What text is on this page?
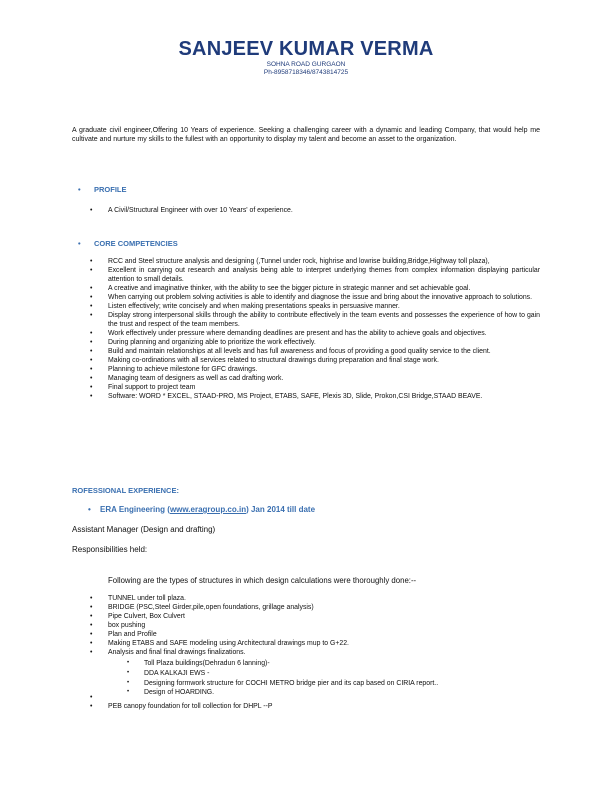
SANJEEV KUMAR VERMA
SOHNA ROAD GURGAON
Ph-8958718346/8743814725
A graduate civil engineer,Offering 10 Years of experience. Seeking a challenging career with a dynamic and leading Company, that would help me cultivate and nurture my skills to the fullest with an opportunity to display my talent and become an asset to the organization.
• PROFILE
• A Civil/Structural Engineer with over 10 Years' of experience.
• CORE COMPETENCIES
• RCC and Steel structure analysis and designing (,Tunnel under rock, highrise and lowrise building,Bridge,Highway toll plaza),
• Excellent in carrying out research and analysis being able to interpret underlying themes from complex information displaying particular attention to small details.
• A creative and imaginative thinker, with the ability to see the bigger picture in strategic manner and set achievable goal.
• When carrying out problem solving activities is able to identify and diagnose the issue and bring about the innovative approach to solutions.
• Listen effectively; write concisely and when making presentations speaks in persuasive manner.
• Display strong interpersonal skills through the ability to contribute effectively in the team events and possesses the experience of how to gain the trust and respect of the team members.
• Work effectively under pressure where demanding deadlines are present and has the ability to achieve goals and objectives.
• During planning and organizing able to prioritize the work effectively.
• Build and maintain relationships at all levels and has full awareness and focus of providing a good quality service to the client.
• Making co-ordinations with all services related to structural drawings during preparation and final stage work.
• Planning to achieve milestone for GFC drawings.
• Managing team of designers as well as cad drafting work.
• Final support to project team
• Software: WORD * EXCEL, STAAD-PRO, MS Project, ETABS, SAFE, Plexis 3D, Slide, Prokon,CSI Bridge,STAAD BEAVE.
ROFESSIONAL EXPERIENCE:
• ERA Engineering (www.eragroup.co.in) Jan 2014 till date
Assistant Manager (Design and drafting)
Responsibilities held:
Following are the types of structures in which design calculations were thoroughly done:--
• TUNNEL under toll plaza.
• BRIDGE (PSC,Steel Girder,pile,open foundations, grillage analysis)
• Pipe Culvert, Box Culvert
• box pushing
• Plan and Profile
• Making ETABS and SAFE modeling using Architectural drawings mup to G+22.
• Analysis and final final drawings finalizations.
• Toll Plaza buildings(Dehradun 6 lanning)-
• DDA KALKAJI EWS -
• Designing formwork structure for COCHI METRO bridge pier and its cap based on CIRIA report..
• Design of HOARDING.
•

• PEB canopy foundation for toll collection for DHPL --P
